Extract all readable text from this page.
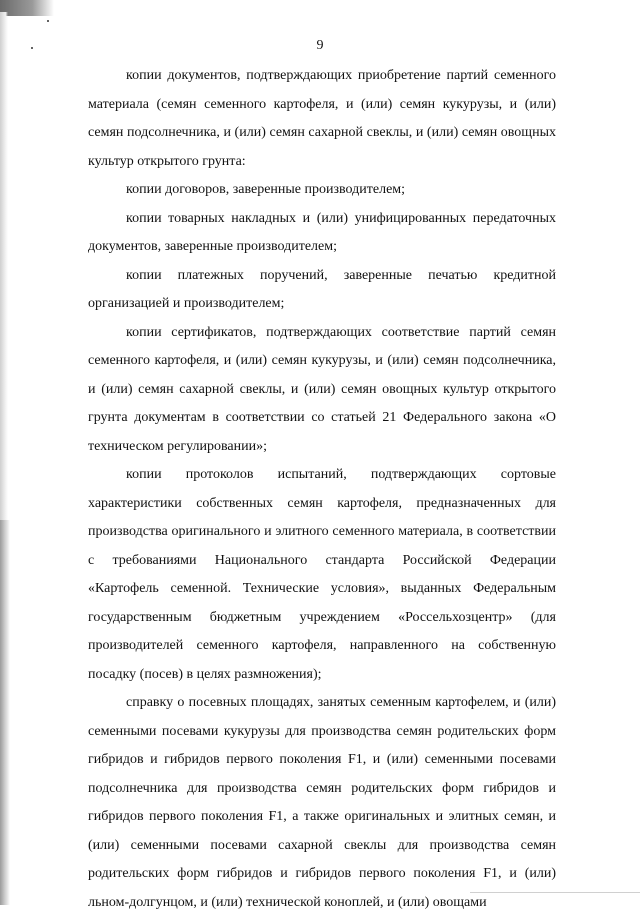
9

копии документов, подтверждающих приобретение партий семенного материала (семян семенного картофеля, и (или) семян кукурузы, и (или) семян подсолнечника, и (или) семян сахарной свеклы, и (или) семян овощных культур открытого грунта:

копии договоров, заверенные производителем;

копии товарных накладных и (или) унифицированных передаточных документов, заверенные производителем;

копии платежных поручений, заверенные печатью кредитной организацией и производителем;

копии сертификатов, подтверждающих соответствие партий семян семенного картофеля, и (или) семян кукурузы, и (или) семян подсолнечника, и (или) семян сахарной свеклы, и (или) семян овощных культур открытого грунта документам в соответствии со статьей 21 Федерального закона «О техническом регулировании»;

копии протоколов испытаний, подтверждающих сортовые характеристики собственных семян картофеля, предназначенных для производства оригинального и элитного семенного материала, в соответствии с требованиями Национального стандарта Российской Федерации «Картофель семенной. Технические условия», выданных Федеральным государственным бюджетным учреждением «Россельхозцентр» (для производителей семенного картофеля, направленного на собственную посадку (посев) в целях размножения);

справку о посевных площадях, занятых семенным картофелем, и (или) семенными посевами кукурузы для производства семян родительских форм гибридов и гибридов первого поколения F1, и (или) семенными посевами подсолнечника для производства семян родительских форм гибридов и гибридов первого поколения F1, а также оригинальных и элитных семян, и (или) семенными посевами сахарной свеклы для производства семян родительских форм гибридов и гибридов первого поколения F1, и (или) льном-долгунцом, и (или) технической коноплей, и (или) овощами
